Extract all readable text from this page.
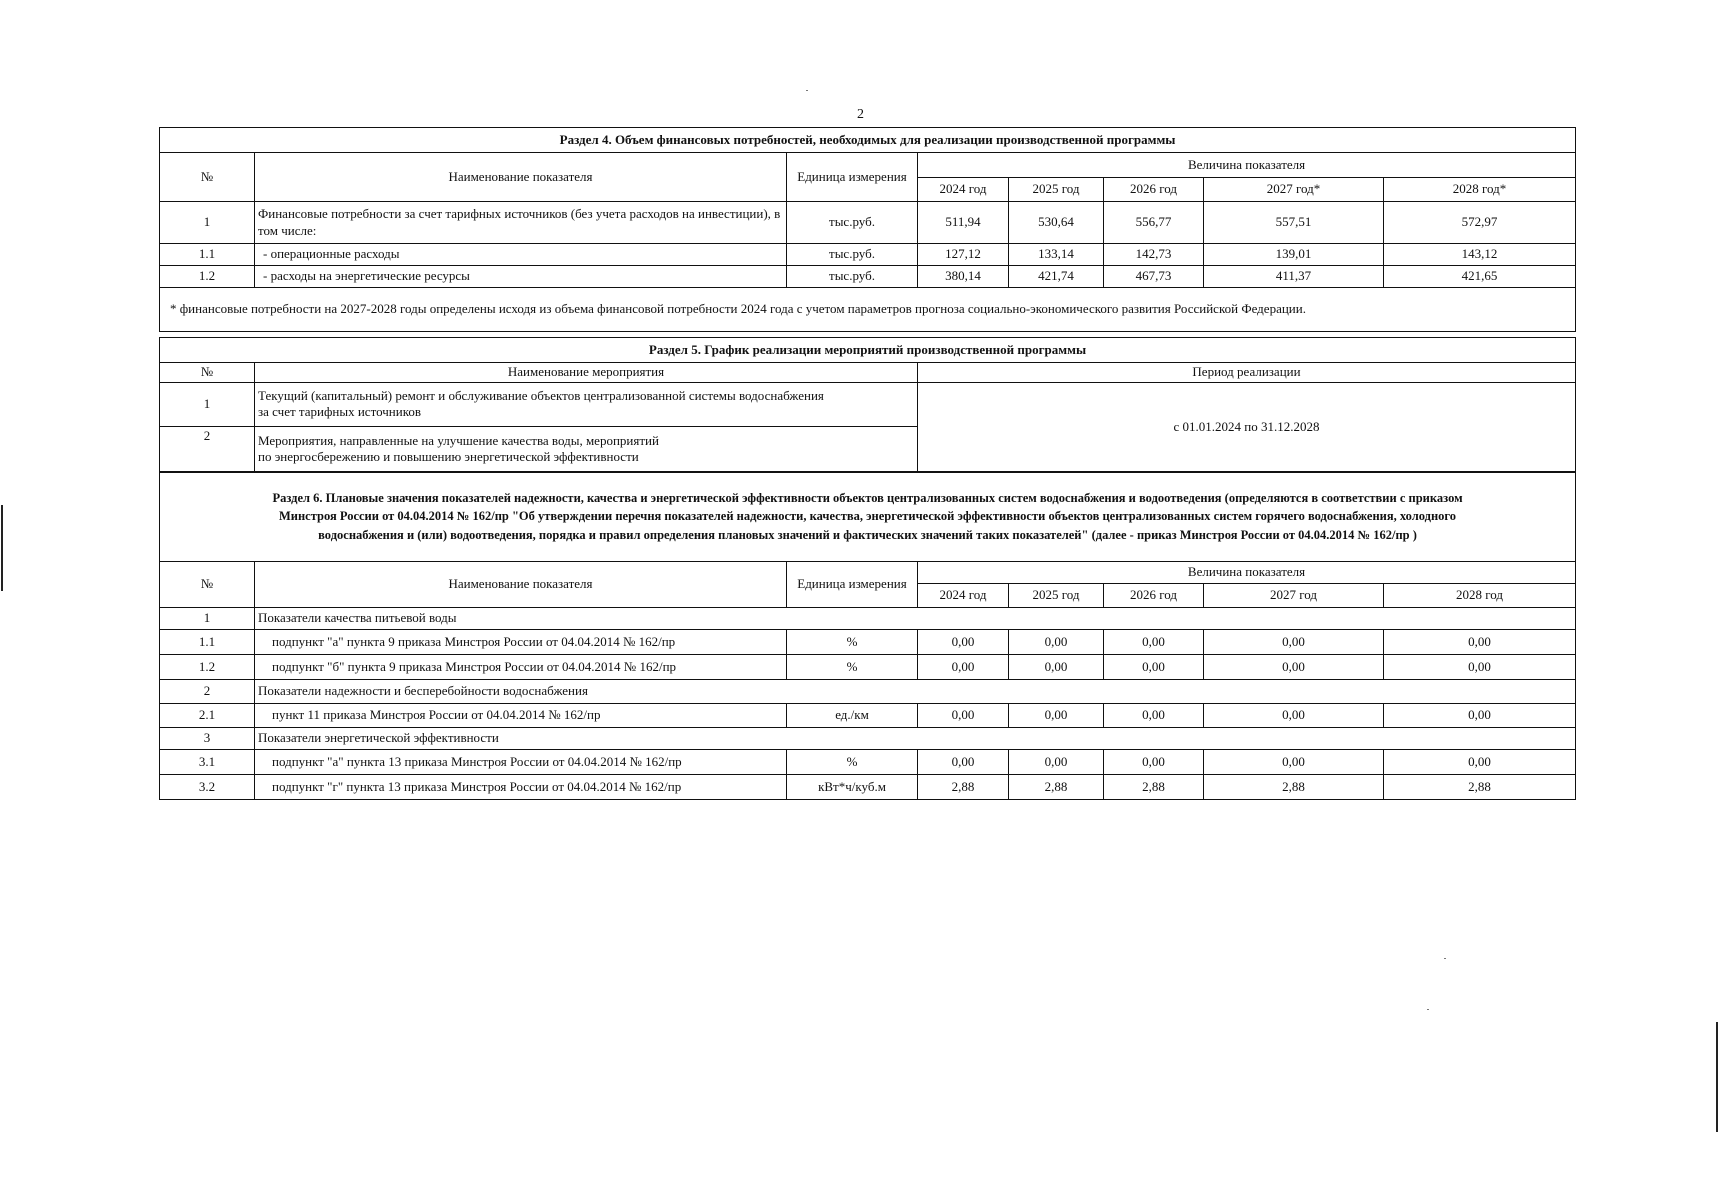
2
Раздел 4. Объем финансовых потребностей, необходимых для реализации производственной программы							
№	Наименование показателя	Единица измерения	Величина показателя				
			2024 год	2025 год	2026 год	2027 год*	2028 год*
1	Финансовые потребности за счет тарифных источников (без учета расходов на инвестиции), в том числе:	тыс.руб.	511,94	530,64	556,77	557,51	572,97
1.1	- операционные расходы	тыс.руб.	127,12	133,14	142,73	139,01	143,12
1.2	- расходы на энергетические ресурсы	тыс.руб.	380,14	421,74	467,73	411,37	421,65
* финансовые потребности на 2027-2028 годы определены исходя из объема финансовой потребности 2024 года с учетом параметров прогноза социально-экономического развития Российской Федерации.							
Раздел 5. График реализации мероприятий производственной программы		
№	Наименование мероприятия	Период реализации
1	Текущий (капитальный) ремонт и обслуживание объектов централизованной системы водоснабжения
за счет тарифных источников	с 01.01.2024 по 31.12.2028
2	Мероприятия, направленные на улучшение качества воды, мероприятий
по энергосбережению и повышению энергетической эффективности	
Раздел 6. Плановые значения показателей надежности, качества и энергетической эффективности объектов централизованных систем водоснабжения и водоотведения (определяются в соответствии с приказом
Минстроя России от 04.04.2014 № 162/пр "Об утверждении перечня показателей надежности, качества, энергетической эффективности объектов централизованных систем горячего водоснабжения, холодного
водоснабжения и (или) водоотведения, порядка и правил определения плановых значений и фактических значений таких показателей" (далее - приказ Минстроя России от 04.04.2014 № 162/пр )							

№	Наименование показателя	Единица измерения	Величина показателя				
			2024 год	2025 год	2026 год	2027 год	2028 год
1	Показатели качества питьевой воды						
1.1	подпункт "а" пункта 9 приказа Минстроя России от 04.04.2014 № 162/пр	%	0,00	0,00	0,00	0,00	0,00
1.2	подпункт "б" пункта 9 приказа Минстроя России от 04.04.2014 № 162/пр	%	0,00	0,00	0,00	0,00	0,00
2	Показатели надежности и бесперебойности водоснабжения						
2.1	пункт 11 приказа Минстроя России от 04.04.2014 № 162/пр	ед./км	0,00	0,00	0,00	0,00	0,00
3	Показатели энергетической эффективности						
3.1	подпункт "а" пункта 13 приказа Минстроя России от 04.04.2014 № 162/пр	%	0,00	0,00	0,00	0,00	0,00
3.2	подпункт "г" пункта 13 приказа Минстроя России от 04.04.2014 № 162/пр	кВт*ч/куб.м	2,88	2,88	2,88	2,88	2,88
